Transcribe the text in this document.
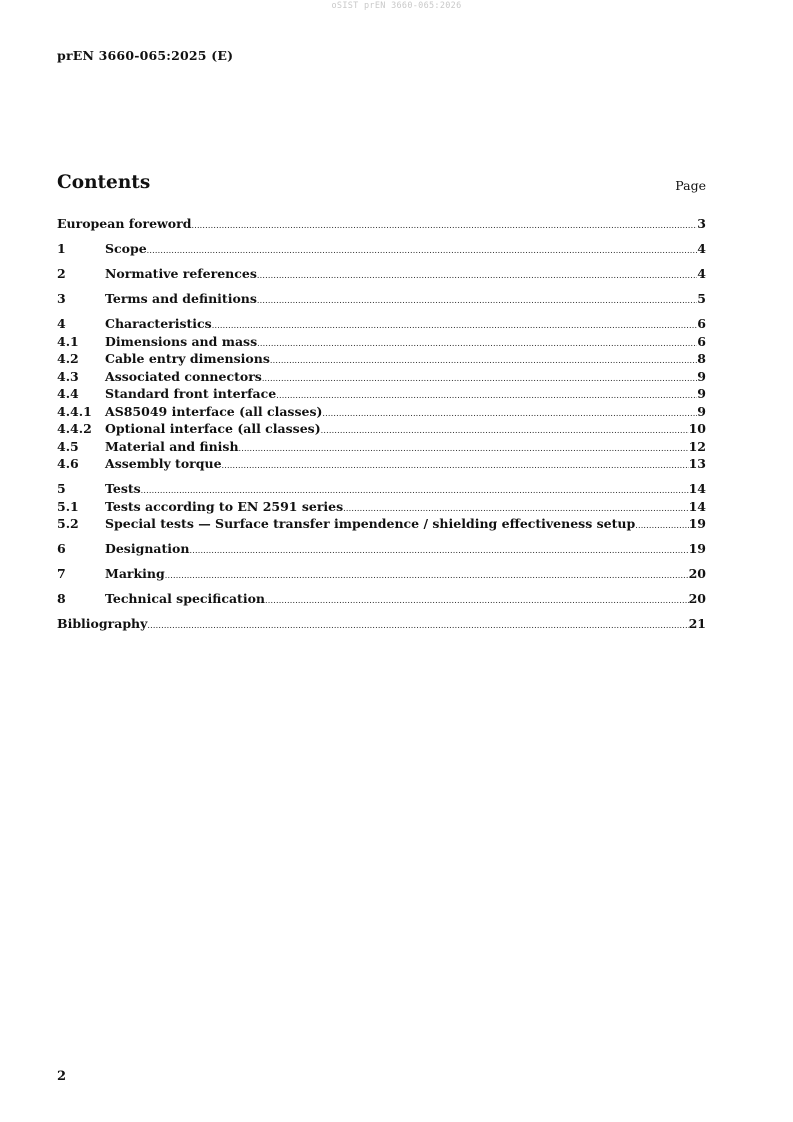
oSIST prEN 3660-065:2026
prEN 3660-065:2025 (E)
Contents	Page
European foreword .....	3
1	Scope .....	4
2	Normative references .....	4
3	Terms and definitions .....	5
4	Characteristics .....	6
4.1	Dimensions and mass .....	6
4.2	Cable entry dimensions .....	8
4.3	Associated connectors .....	9
4.4	Standard front interface .....	9
4.4.1	AS85049 interface (all classes) .....	9
4.4.2	Optional interface (all classes) .....	10
4.5	Material and finish .....	12
4.6	Assembly torque .....	13
5	Tests .....	14
5.1	Tests according to EN 2591 series .....	14
5.2	Special tests — Surface transfer impendence / shielding effectiveness setup .....	19
6	Designation .....	19
7	Marking .....	20
8	Technical specification .....	20
Bibliography .....	21
2
